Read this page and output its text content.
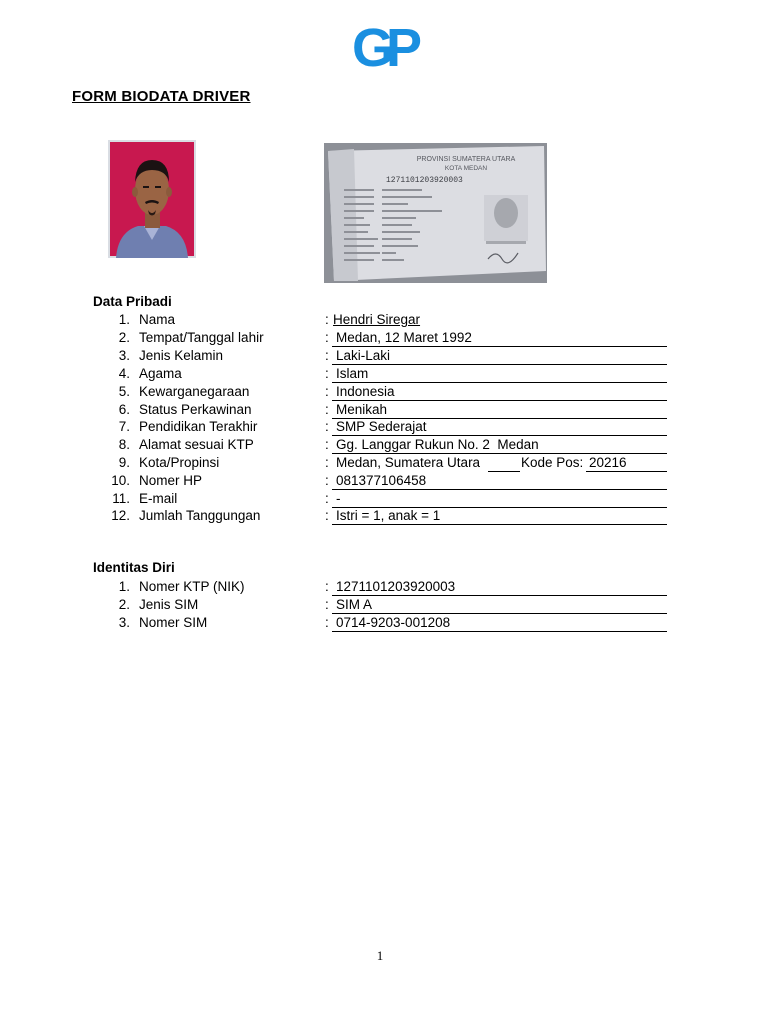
GP
FORM BIODATA DRIVER
PROVINSI SUMATERA UTARA
KOTA MEDAN
1271101203920003
Data Pribadi
1. Nama	: Hendri Siregar
2. Tempat/Tanggal lahir	: Medan, 12 Maret 1992
3. Jenis Kelamin	: Laki-Laki
4. Agama	: Islam
5. Kewarganegaraan	: Indonesia
6. Status Perkawinan	: Menikah
7. Pendidikan Terakhir	: SMP Sederajat
8. Alamat sesuai KTP	: Gg. Langgar Rukun No. 2  Medan
9. Kota/Propinsi	: Medan, Sumatera Utara	Kode Pos: 20216
10. Nomer HP	: 081377106458
11. E-mail	: -
12. Jumlah Tanggungan	: Istri = 1, anak = 1
Identitas Diri
1. Nomer KTP (NIK)	: 1271101203920003
2. Jenis SIM	: SIM A
3. Nomer SIM	: 0714-9203-001208
1
